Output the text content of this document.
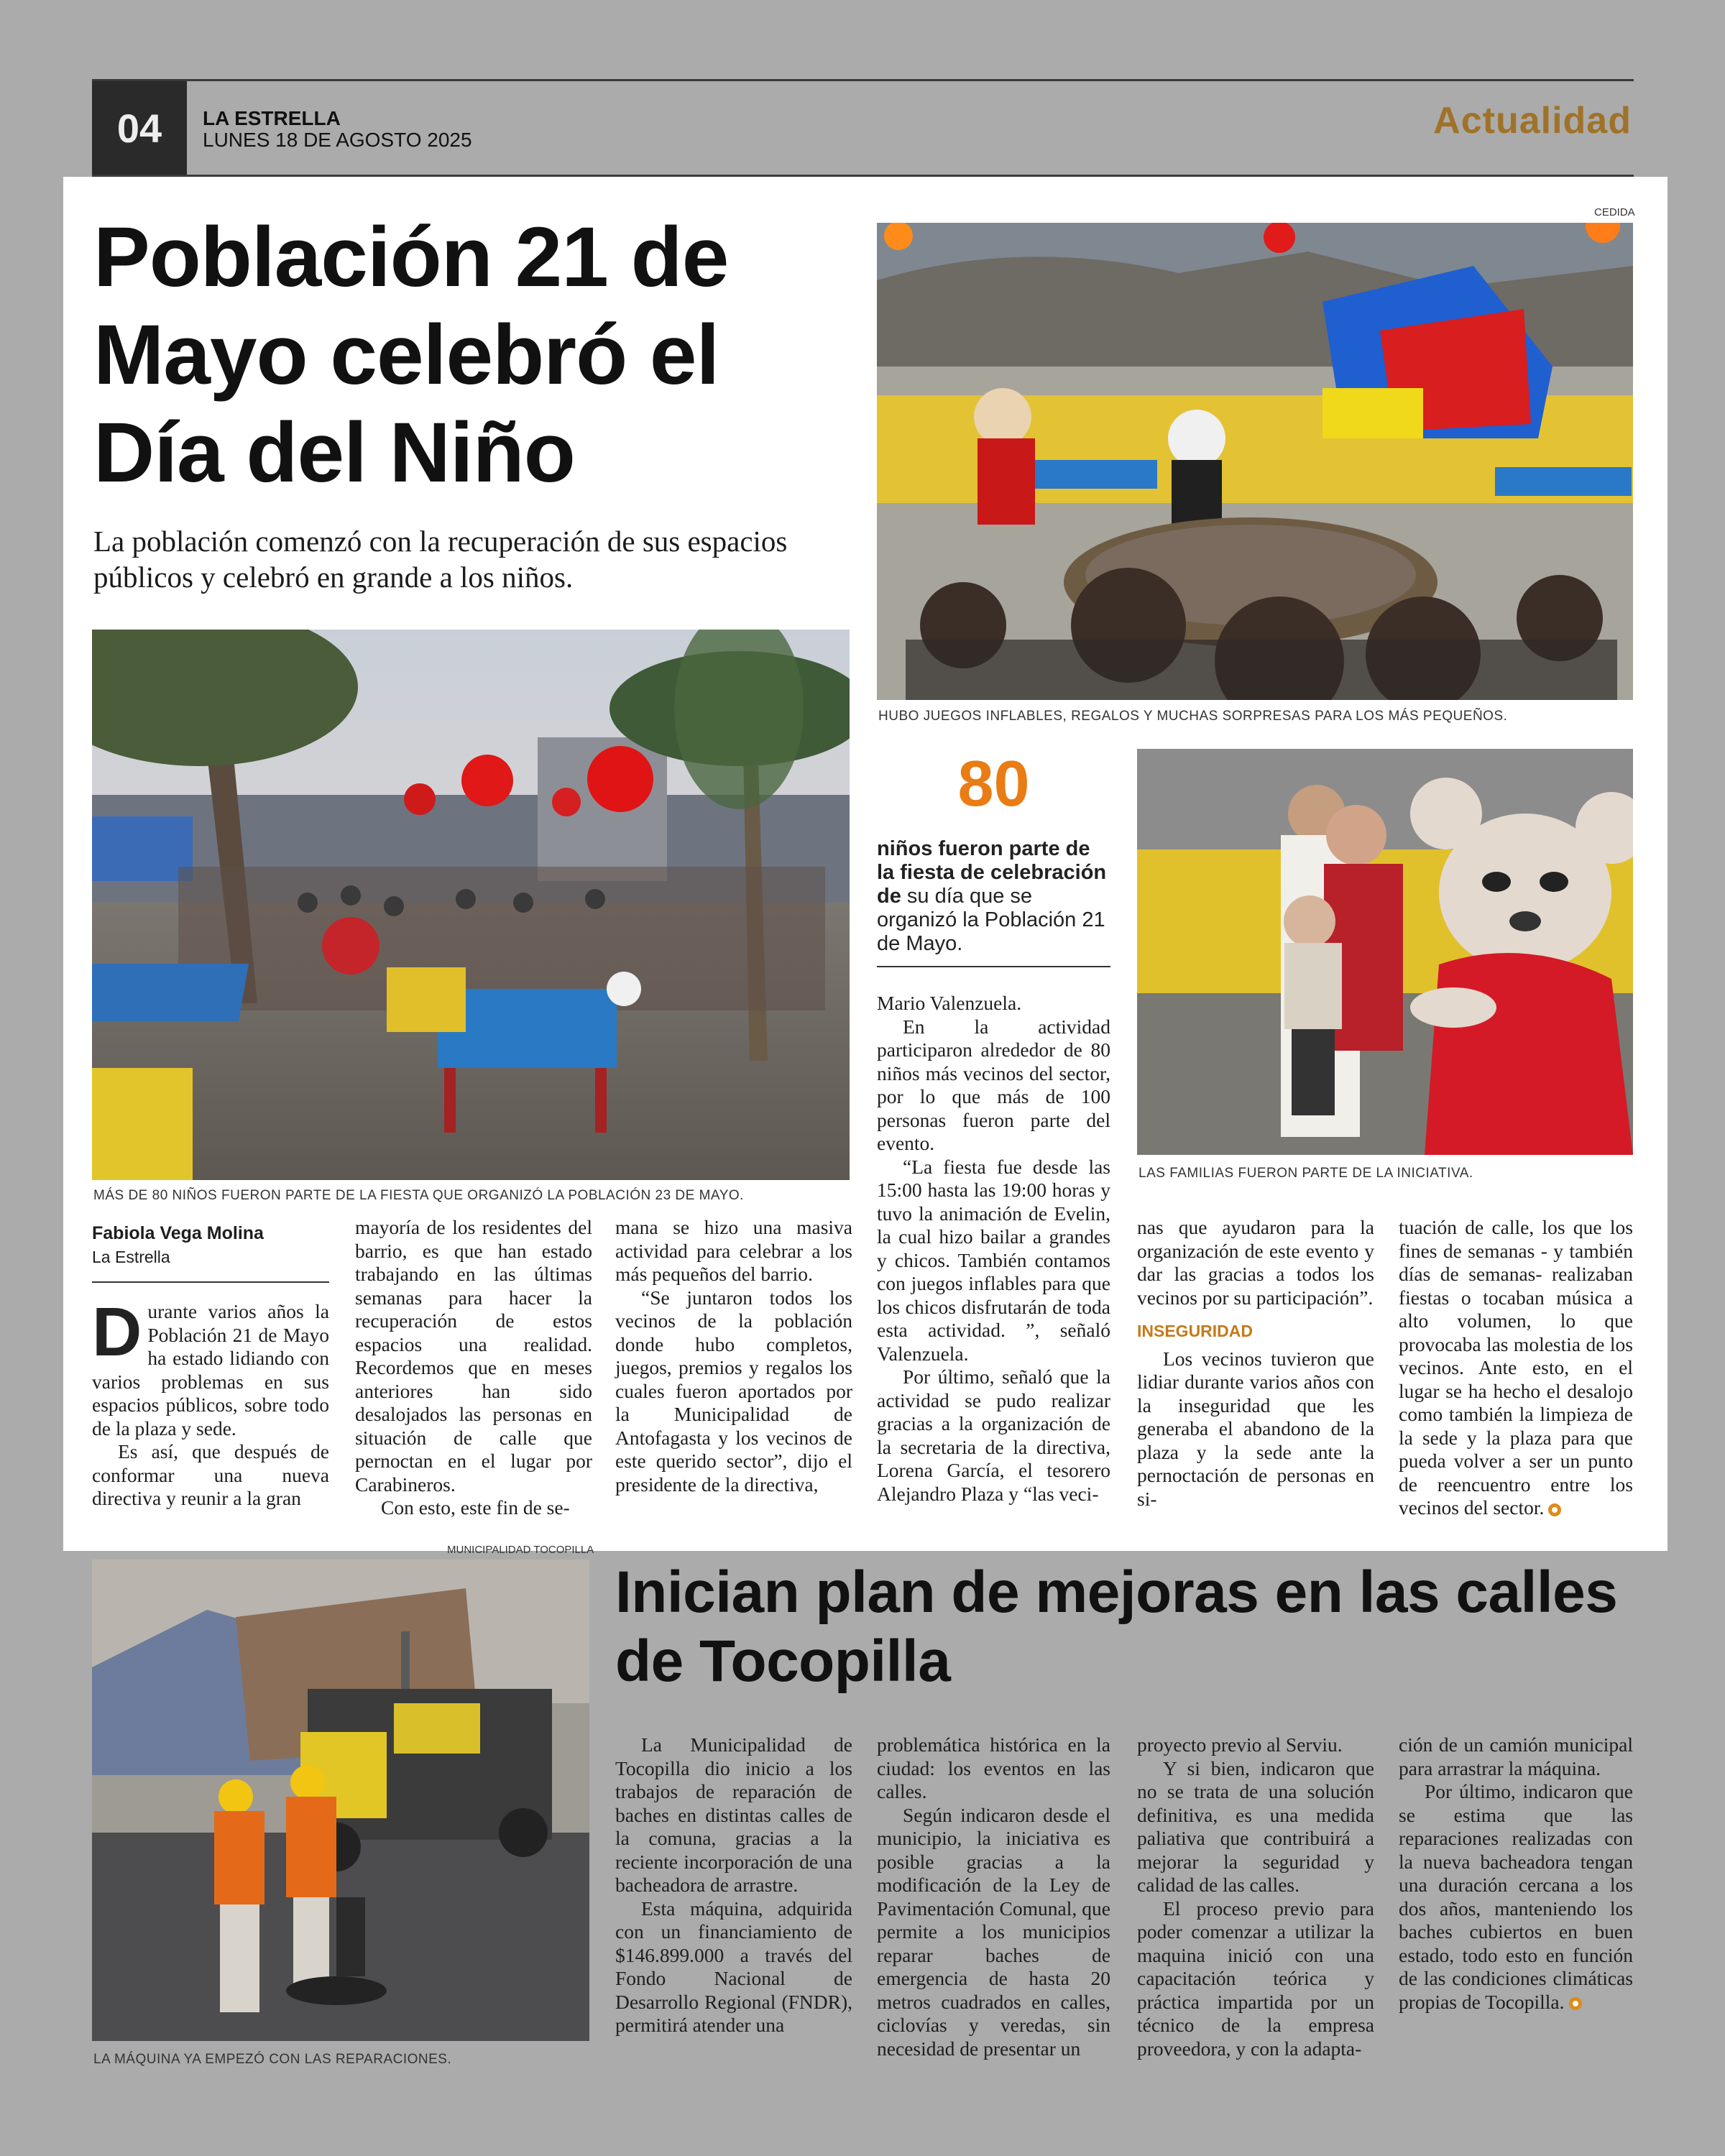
04	LA ESTRELLA
LUNES 18 DE AGOSTO 2025	Actualidad
Población 21 de Mayo celebró el Día del Niño
La población comenzó con la recuperación de sus espacios públicos y celebró en grande a los niños.
MÁS DE 80 NIÑOS FUERON PARTE DE LA FIESTA QUE ORGANIZÓ LA POBLACIÓN 23 DE MAYO.
CEDIDA
HUBO JUEGOS INFLABLES, REGALOS Y MUCHAS SORPRESAS PARA LOS MÁS PEQUEÑOS.
80
niños fueron parte de la fiesta de celebración de su día que se organizó la Población 21 de Mayo.
LAS FAMILIAS FUERON PARTE DE LA INICIATIVA.
Fabiola Vega Molina
La Estrella

Durante varios años la Población 21 de Mayo ha estado lidiando con varios problemas en sus espacios públicos, sobre todo de la plaza y sede.

Es así, que después de conformar una nueva directiva y reunir a la gran

mayoría de los residentes del barrio, es que han estado trabajando en las últimas semanas para hacer la recuperación de estos espacios una realidad. Recordemos que en meses anteriores han sido desalojados las personas en situación de calle que pernoctan en el lugar por Carabineros.

Con esto, este fin de se-

mana se hizo una masiva actividad para celebrar a los más pequeños del barrio.

“Se juntaron todos los vecinos de la población donde hubo completos, juegos, premios y regalos los cuales fueron aportados por la Municipalidad de Antofagasta y los vecinos de este querido sector”, dijo el presidente de la directiva,

Mario Valenzuela.

En la actividad participaron alrededor de 80 niños más vecinos del sector, por lo que más de 100 personas fueron parte del evento.

“La fiesta fue desde las 15:00 hasta las 19:00 horas y tuvo la animación de Evelin, la cual hizo bailar a grandes y chicos. También contamos con juegos inflables para que los chicos disfrutarán de toda esta actividad. ”, señaló Valenzuela.

Por último, señaló que la actividad se pudo realizar gracias a la organización de la secretaria de la directiva, Lorena García, el tesorero Alejandro Plaza y “las veci-

nas que ayudaron para la organización de este evento y dar las gracias a todos los vecinos por su participación”.

INSEGURIDAD

Los vecinos tuvieron que lidiar durante varios años con la inseguridad que les generaba el abandono de la plaza y la sede ante la pernoctación de personas en si-

tuación de calle, los que los fines de semanas - y también días de semanas- realizaban fiestas o tocaban música a alto volumen, lo que provocaba las molestia de los vecinos. Ante esto, en el lugar se ha hecho el desalojo como también la limpieza de la sede y la plaza para que pueda volver a ser un punto de reencuentro entre los vecinos del sector.

MUNICIPALIDAD TOCOPILLA
LA MÁQUINA YA EMPEZÓ CON LAS REPARACIONES.
Inician plan de mejoras en las calles de Tocopilla

La Municipalidad de Tocopilla dio inicio a los trabajos de reparación de baches en distintas calles de la comuna, gracias a la reciente incorporación de una bacheadora de arrastre.

Esta máquina, adquirida con un financiamiento de $146.899.000 a través del Fondo Nacional de Desarrollo Regional (FNDR), permitirá atender una

problemática histórica en la ciudad: los eventos en las calles.

Según indicaron desde el municipio, la iniciativa es posible gracias a la modificación de la Ley de Pavimentación Comunal, que permite a los municipios reparar baches de emergencia de hasta 20 metros cuadrados en calles, ciclovías y veredas, sin necesidad de presentar un

proyecto previo al Serviu.

Y si bien, indicaron que no se trata de una solución definitiva, es una medida paliativa que contribuirá a mejorar la seguridad y calidad de las calles.

El proceso previo para poder comenzar a utilizar la maquina inició con una capacitación teórica y práctica impartida por un técnico de la empresa proveedora, y con la adapta-

ción de un camión municipal para arrastrar la máquina.

Por último, indicaron que se estima que las reparaciones realizadas con la nueva bacheadora tengan una duración cercana a los dos años, manteniendo los baches cubiertos en buen estado, todo esto en función de las condiciones climáticas propias de Tocopilla.
